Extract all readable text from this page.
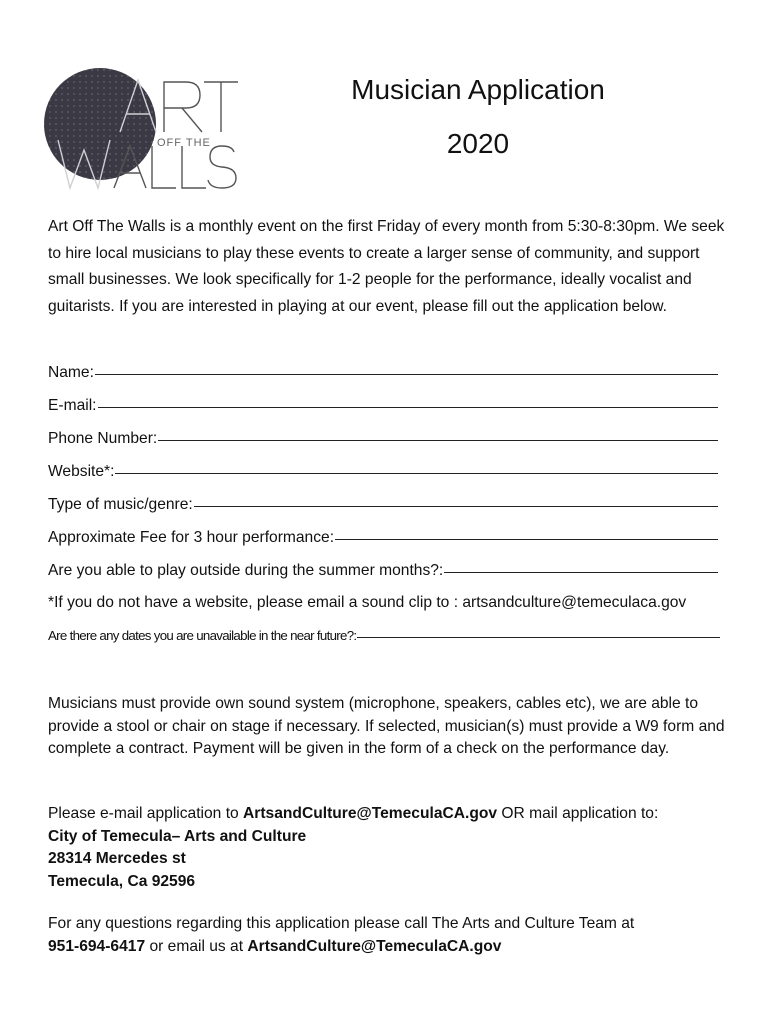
OFF THE
Musician Application
2020
Art Off The Walls is a monthly event on the first Friday of every month from 5:30-8:30pm. We seek to hire local musicians to play these events to create a larger sense of community, and support small businesses. We look specifically for 1-2 people for the performance, ideally vocalist and guitarists. If you are interested in playing at our event, please fill out the application below.
Name:
E-mail:
Phone Number:
Website*:
Type of music/genre:
Approximate Fee for 3 hour performance:
Are you able to play outside during the summer months?:
*If you do not have a website, please email a sound clip to : artsandculture@temeculaca.gov
Are there any dates you are unavailable in the near future?:
Musicians must provide own sound system (microphone, speakers, cables etc), we are able to provide a stool or chair on stage if necessary. If selected, musician(s) must provide a W9 form and complete a contract. Payment will be given in the form of a check on the performance day.
Please e-mail application to ArtsandCulture@TemeculaCA.gov OR mail application to:
City of Temecula– Arts and Culture
28314 Mercedes st
Temecula, Ca 92596
For any questions regarding this application please call The Arts and Culture Team at
951-694-6417 or email us at ArtsandCulture@TemeculaCA.gov
